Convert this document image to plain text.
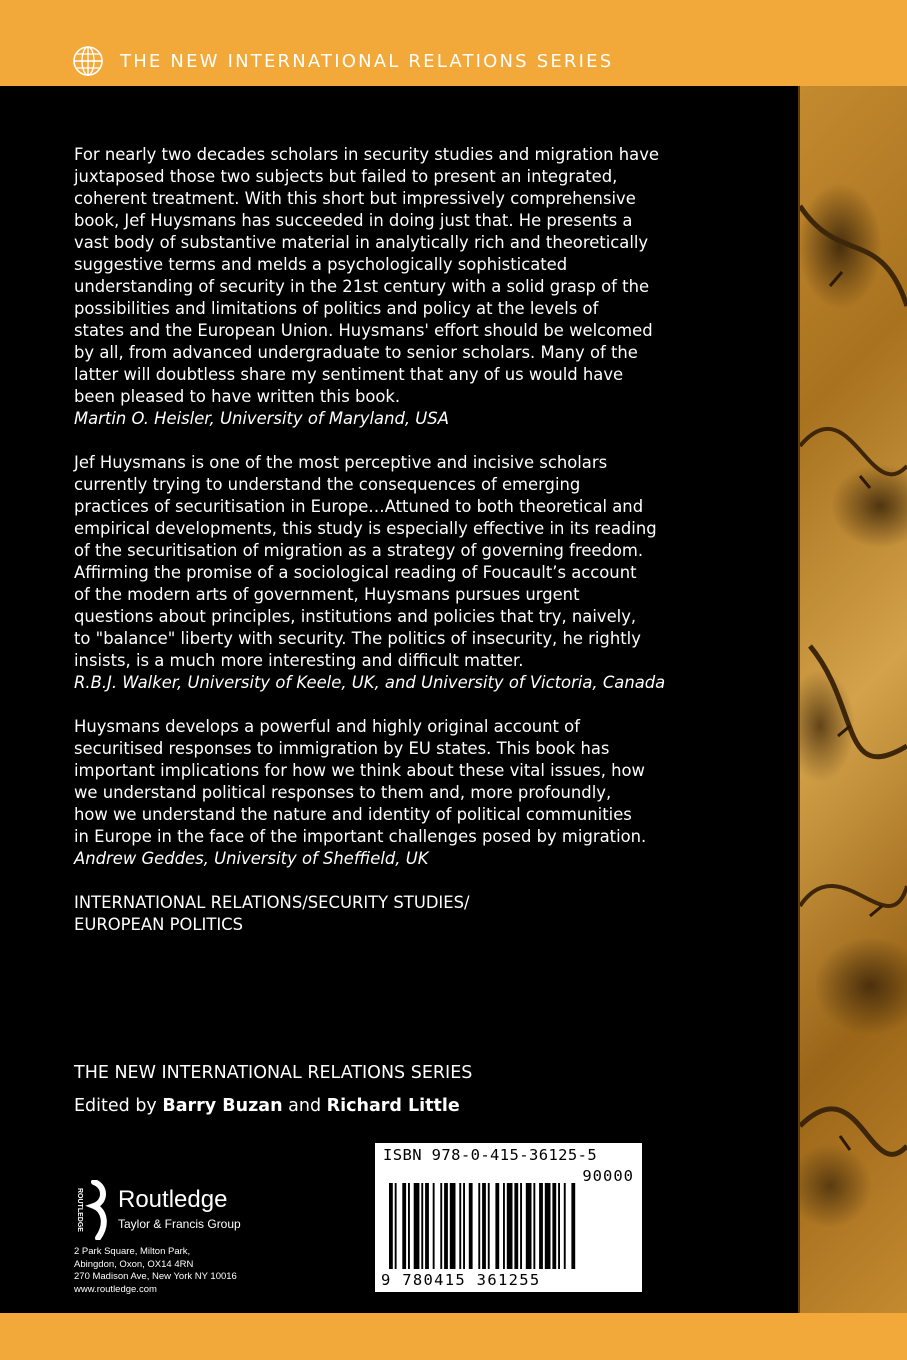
THE NEW INTERNATIONAL RELATIONS SERIES

For nearly two decades scholars in security studies and migration have
juxtaposed those two subjects but failed to present an integrated,
coherent treatment. With this short but impressively comprehensive
book, Jef Huysmans has succeeded in doing just that. He presents a
vast body of substantive material in analytically rich and theoretically
suggestive terms and melds a psychologically sophisticated
understanding of security in the 21st century with a solid grasp of the
possibilities and limitations of politics and policy at the levels of
states and the European Union. Huysmans' effort should be welcomed
by all, from advanced undergraduate to senior scholars. Many of the
latter will doubtless share my sentiment that any of us would have
been pleased to have written this book.

Martin O. Heisler, University of Maryland, USA

Jef Huysmans is one of the most perceptive and incisive scholars
currently trying to understand the consequences of emerging
practices of securitisation in Europe…Attuned to both theoretical and
empirical developments, this study is especially effective in its reading
of the securitisation of migration as a strategy of governing freedom.
Affirming the promise of a sociological reading of Foucault’s account
of the modern arts of government, Huysmans pursues urgent
questions about principles, institutions and policies that try, naively,
to "balance" liberty with security. The politics of insecurity, he rightly
insists, is a much more interesting and difficult matter.

R.B.J. Walker, University of Keele, UK, and University of Victoria, Canada

Huysmans develops a powerful and highly original account of
securitised responses to immigration by EU states. This book has
important implications for how we think about these vital issues, how
we understand political responses to them and, more profoundly,
how we understand the nature and identity of political communities
in Europe in the face of the important challenges posed by migration.

Andrew Geddes, University of Sheffield, UK

INTERNATIONAL RELATIONS/SECURITY STUDIES/
EUROPEAN POLITICS

THE NEW INTERNATIONAL RELATIONS SERIES
Edited by Barry Buzan and Richard Little
ROUTLEDGE Routledge
Taylor & Francis Group
2 Park Square, Milton Park,
Abingdon, Oxon, OX14 4RN
270 Madison Ave, New York NY 10016
www.routledge.com
ISBN 978-0-415-36125-5
90000
9 780415 361255
